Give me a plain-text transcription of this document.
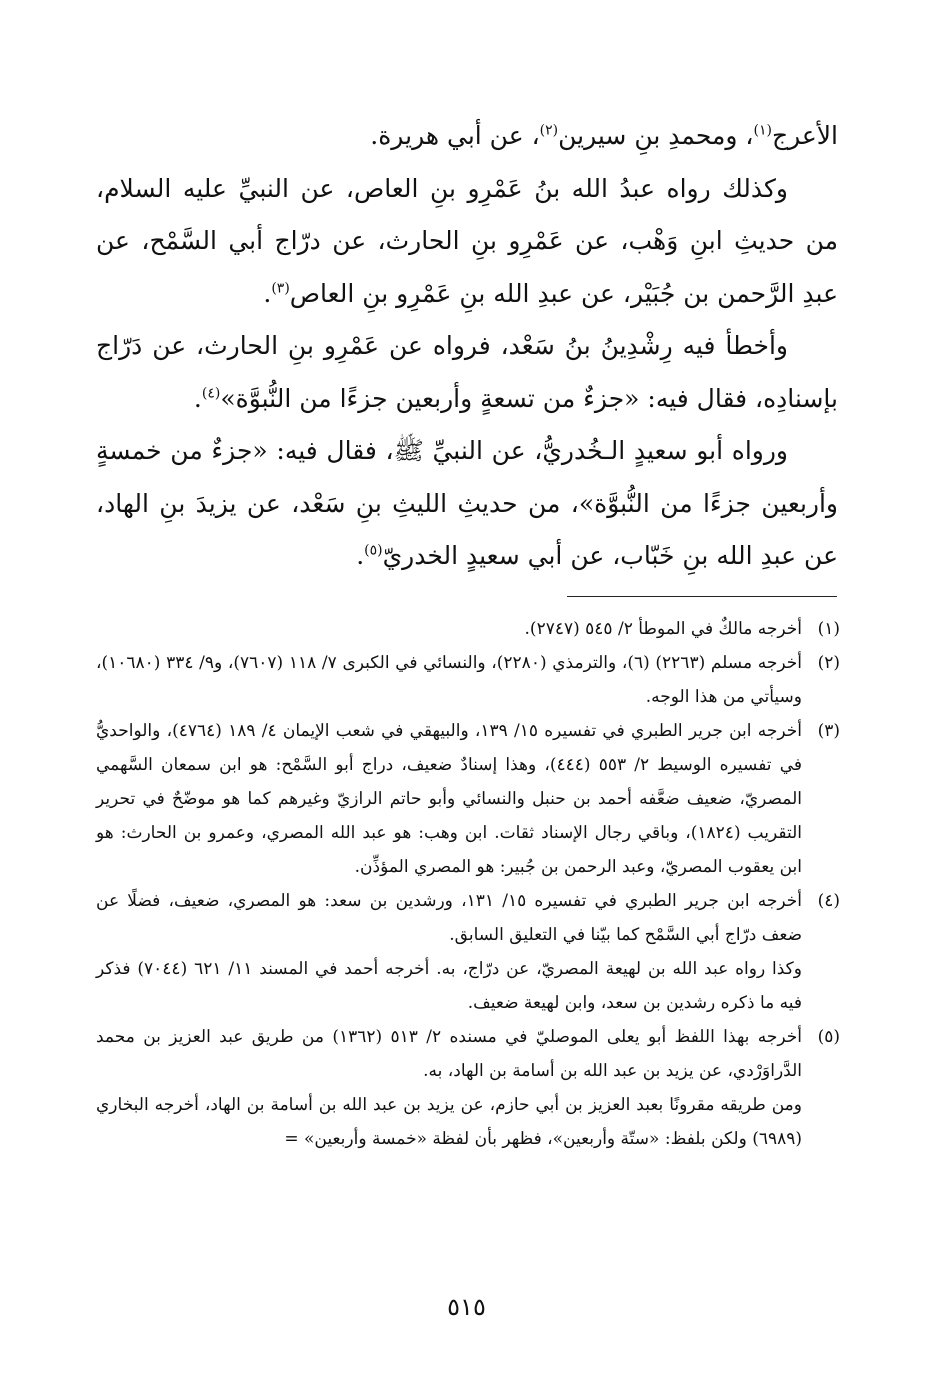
الأعرج$^{(١)}$، ومحمدِ بنِ سيرين$^{(٢)}$، عن أبي هريرة.

وكذلك رواه عبدُ الله بنُ عَمْرِو بنِ العاص، عن النبيِّ عليه السلام، من حديثِ ابنِ وَهْب، عن عَمْرِو بنِ الحارث، عن درّاج أبي السَّمْح، عن عبدِ الرَّحمن بن جُبَيْر، عن عبدِ الله بنِ عَمْرِو بنِ العاص$^{(٣)}$.

وأخطأ فيه رِشْدِينُ بنُ سَعْد، فرواه عن عَمْرِو بنِ الحارث، عن دَرّاج بإسنادِه، فقال فيه: «جزءٌ من تسعةٍ وأربعين جزءًا من النُّبوَّة»$^{(٤)}$.

ورواه أبو سعيدٍ الـخُدريُّ، عن النبيِّ ﷺ، فقال فيه: «جزءٌ من خمسةٍ وأربعين جزءًا من النُّبوَّة»، من حديثِ الليثِ بنِ سَعْد، عن يزيدَ بنِ الهاد، عن عبدِ الله بنِ خَبّاب، عن أبي سعيدٍ الخدريّ$^{(٥)}$.

(١)

أخرجه مالكٌ في الموطأ ٢/ ٥٤٥ (٢٧٤٧).

(٢)

أخرجه مسلم (٢٢٦٣) (٦)، والترمذي (٢٢٨٠)، والنسائي في الكبرى ٧/ ١١٨ (٧٦٠٧)، و٩/ ٣٣٤ (١٠٦٨٠)، وسيأتي من هذا الوجه.

(٣)

أخرجه ابن جرير الطبري في تفسيره ١٥/ ١٣٩، والبيهقي في شعب الإيمان ٤/ ١٨٩ (٤٧٦٤)، والواحديُّ في تفسيره الوسيط ٢/ ٥٥٣ (٤٤٤)، وهذا إسنادٌ ضعيف، دراج أبو السَّمْح: هو ابن سمعان السَّهمي المصريّ، ضعيف ضعَّفه أحمد بن حنبل والنسائي وأبو حاتم الرازيّ وغيرهم كما هو موضّحٌ في تحرير التقريب (١٨٢٤)، وباقي رجال الإسناد ثقات. ابن وهب: هو عبد الله المصري، وعمرو بن الحارث: هو ابن يعقوب المصريّ، وعبد الرحمن بن جُبير: هو المصري المؤذِّن.

(٤)

أخرجه ابن جرير الطبري في تفسيره ١٥/ ١٣١، ورشدين بن سعد: هو المصري، ضعيف، فضلًا عن ضعف درّاج أبي السَّمْح كما بيّنا في التعليق السابق.

وكذا رواه عبد الله بن لهيعة المصريّ، عن درّاج، به. أخرجه أحمد في المسند ١١/ ٦٢١ (٧٠٤٤) فذكر فيه ما ذكره رشدين بن سعد، وابن لهيعة ضعيف.

(٥)

أخرجه بهذا اللفظ أبو يعلى الموصليّ في مسنده ٢/ ٥١٣ (١٣٦٢) من طريق عبد العزيز بن محمد الدَّراوَرْدي، عن يزيد بن عبد الله بن أسامة بن الهاد، به.

ومن طريقه مقرونًا بعبد العزيز بن أبي حازم، عن يزيد بن عبد الله بن أسامة بن الهاد، أخرجه البخاري (٦٩٨٩) ولكن بلفظ: «ستّة وأربعين»، فظهر بأن لفظة «خمسة وأربعين» =

٥١٥
